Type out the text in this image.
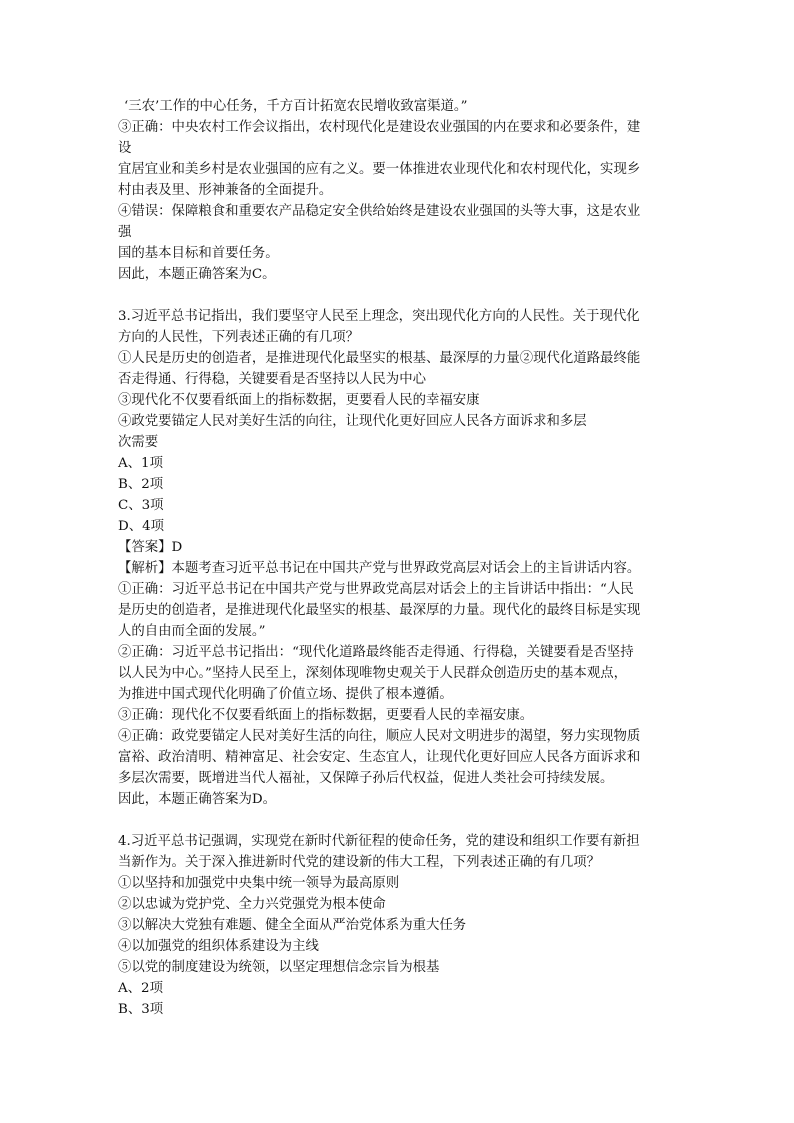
‘三农’工作的中心任务，千方百计拓宽农民增收致富渠道。”
③正确：中央农村工作会议指出，农村现代化是建设农业强国的内在要求和必要条件，建
设
宜居宜业和美乡村是农业强国的应有之义。要一体推进农业现代化和农村现代化，实现乡
村由表及里、形神兼备的全面提升。
④错误：保障粮食和重要农产品稳定安全供给始终是建设农业强国的头等大事，这是农业
强
国的基本目标和首要任务。
因此，本题正确答案为C。
3.习近平总书记指出，我们要坚守人民至上理念，突出现代化方向的人民性。关于现代化
方向的人民性，下列表述正确的有几项？
①人民是历史的创造者，是推进现代化最坚实的根基、最深厚的力量②现代化道路最终能
否走得通、行得稳，关键要看是否坚持以人民为中心
③现代化不仅要看纸面上的指标数据，更要看人民的幸福安康
④政党要锚定人民对美好生活的向往，让现代化更好回应人民各方面诉求和多层
次需要
A、1项
B、2项
C、3项
D、4项
【答案】D
【解析】本题考查习近平总书记在中国共产党与世界政党高层对话会上的主旨讲话内容。
①正确：习近平总书记在中国共产党与世界政党高层对话会上的主旨讲话中指出：“人民
是历史的创造者，是推进现代化最坚实的根基、最深厚的力量。现代化的最终目标是实现
人的自由而全面的发展。”
②正确：习近平总书记指出：“现代化道路最终能否走得通、行得稳，关键要看是否坚持
以人民为中心。”坚持人民至上，深刻体现唯物史观关于人民群众创造历史的基本观点，
为推进中国式现代化明确了价值立场、提供了根本遵循。
③正确：现代化不仅要看纸面上的指标数据，更要看人民的幸福安康。
④正确：政党要锚定人民对美好生活的向往，顺应人民对文明进步的渴望，努力实现物质
富裕、政治清明、精神富足、社会安定、生态宜人，让现代化更好回应人民各方面诉求和
多层次需要，既增进当代人福祉，又保障子孙后代权益，促进人类社会可持续发展。
因此，本题正确答案为D。
4.习近平总书记强调，实现党在新时代新征程的使命任务，党的建设和组织工作要有新担
当新作为。关于深入推进新时代党的建设新的伟大工程，下列表述正确的有几项？
①以坚持和加强党中央集中统一领导为最高原则
②以忠诚为党护党、全力兴党强党为根本使命
③以解决大党独有难题、健全全面从严治党体系为重大任务
④以加强党的组织体系建设为主线
⑤以党的制度建设为统领，以坚定理想信念宗旨为根基
A、2项
B、3项
